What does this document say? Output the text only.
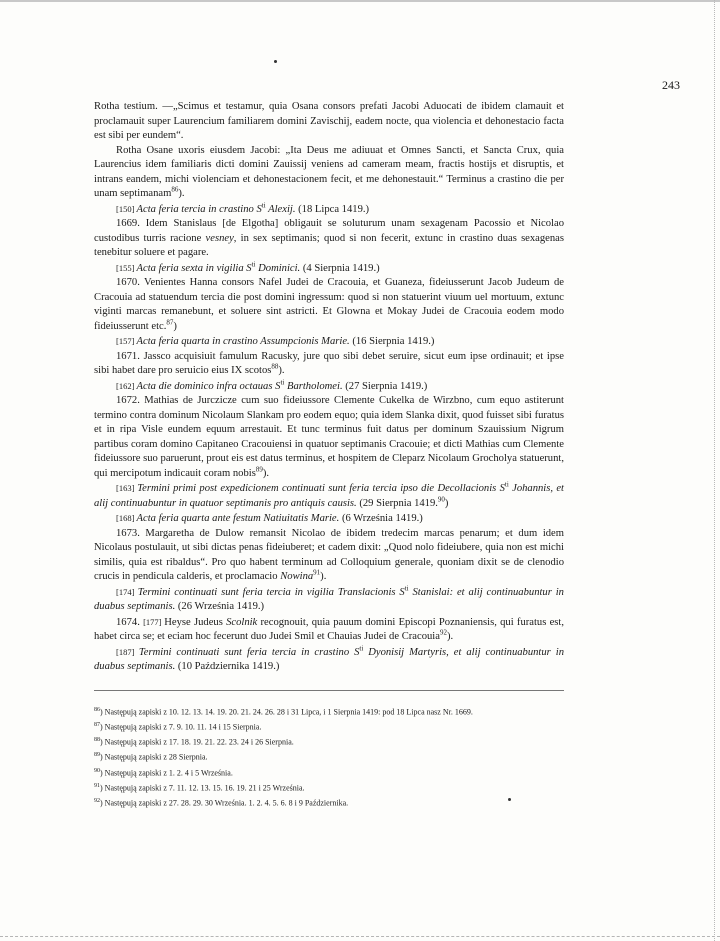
243

Rotha testium. —„Scimus et testamur, quia Osana consors prefati Jacobi Aduocati de ibidem clamauit et proclamauit super Laurencium familiarem domini Zavischij, eadem nocte, qua violencia et dehonestacio facta est sibi per eundem“.

Rotha Osane uxoris eiusdem Jacobi: „Ita Deus me adiuuat et Omnes Sancti, et Sancta Crux, quia Laurencius idem familiaris dicti domini Zauissij veniens ad cameram meam, fractis hostijs et disruptis, et intrans eandem, michi violenciam et dehonestacionem fecit, et me dehonestauit.“ Terminus a crastino die per unam septimanam$^{86}$).

[150] Acta feria tercia in crastino $S^{ti}$ Alexij. (18 Lipca 1419.)

1669. Idem Stanislaus [de Elgotha] obligauit se soluturum unam sexagenam Pacossio et Nicolao custodibus turris racione vesney, in sex septimanis; quod si non fecerit, extunc in crastino duas sexagenas tenebitur soluere et pagare.

[155] Acta feria sexta in vigilia $S^{ti}$ Dominici. (4 Sierpnia 1419.)

1670. Venientes Hanna consors Nafel Judei de Cracouia, et Guaneza, fideiusserunt Jacob Judeum de Cracouia ad statuendum tercia die post domini ingressum: quod si non statuerint viuum uel mortuum, extunc viginti marcas remanebunt, et soluere sint astricti. Et Glowna et Mokay Judei de Cracouia eodem modo fideiusserunt etc.$^{87}$)

[157] Acta feria quarta in crastino Assumpcionis Marie. (16 Sierpnia 1419.)

1671. Jassco acquisiuit famulum Racusky, jure quo sibi debet seruire, sicut eum ipse ordinauit; et ipse sibi habet dare pro seruicio eius IX scotos$^{88}$).

[162] Acta die dominico infra octauas $S^{ti}$ Bartholomei. (27 Sierpnia 1419.)

1672. Mathias de Jurczicze cum suo fideiussore Clemente Cukelka de Wirzbno, cum equo astiterunt termino contra dominum Nicolaum Slankam pro eodem equo; quia idem Slanka dixit, quod fuisset sibi furatus et in ripa Visle eundem equum arrestauit. Et tunc terminus fuit datus per dominum Szauissium Nigrum partibus coram domino Capitaneo Cracouiensi in quatuor septimanis Cracouie; et dicti Mathias cum Clemente fideiussore suo paruerunt, prout eis est datus terminus, et hospitem de Cleparz Nicolaum Grocholya statuerunt, qui mercipotum indicauit coram nobis$^{89}$).

[163] Termini primi post expedicionem continuati sunt feria tercia ipso die Decollacionis $S^{ti}$ Johannis, et alij continuabuntur in quatuor septimanis pro antiquis causis. (29 Sierpnia 1419.90)

[168] Acta feria quarta ante festum Natiuitatis Marie. (6 Września 1419.)

1673. Margaretha de Dulow remansit Nicolao de ibidem tredecim marcas penarum; et dum idem Nicolaus postulauit, ut sibi dictas penas fideiuberet; et cadem dixit: „Quod nolo fideiubere, quia non est michi similis, quia est ribaldus“. Pro quo habent terminum ad Colloquium generale, quoniam dixit se de clenodio crucis in pendicula calderis, et proclamacio Nowina$^{91}$).

[174] Termini continuati sunt feria tercia in vigilia Translacionis $S^{ti}$ Stanislai: et alij continuabuntur in duabus septimanis. (26 Września 1419.)

1674. [177] Heyse Judeus Scolnik recognouit, quia pauum domini Episcopi Poznaniensis, qui furatus est, habet circa se; et eciam hoc fecerunt duo Judei Smil et Chauias Judei de Cracouia$^{92}$).

[187] Termini continuati sunt feria tercia in crastino $S^{ti}$ Dyonisij Martyris, et alij continuabuntur in duabus septimanis. (10 Października 1419.)

$^{86}$) Następują zapiski z 10. 12. 13. 14. 19. 20. 21. 24. 26. 28 i 31 Lipca, i 1 Sierpnia 1419: pod 18 Lipca nasz Nr. 1669.
$^{87}$) Następują zapiski z 7. 9. 10. 11. 14 i 15 Sierpnia.
$^{88}$) Następują zapiski z 17. 18. 19. 21. 22. 23. 24 i 26 Sierpnia.
$^{89}$) Następują zapiski z 28 Sierpnia.
$^{90}$) Następują zapiski z 1. 2. 4 i 5 Września.
$^{91}$) Następują zapiski z 7. 11. 12. 13. 15. 16. 19. 21 i 25 Września.
$^{92}$) Następują zapiski z 27. 28. 29. 30 Września. 1. 2. 4. 5. 6. 8 i 9 Października.
